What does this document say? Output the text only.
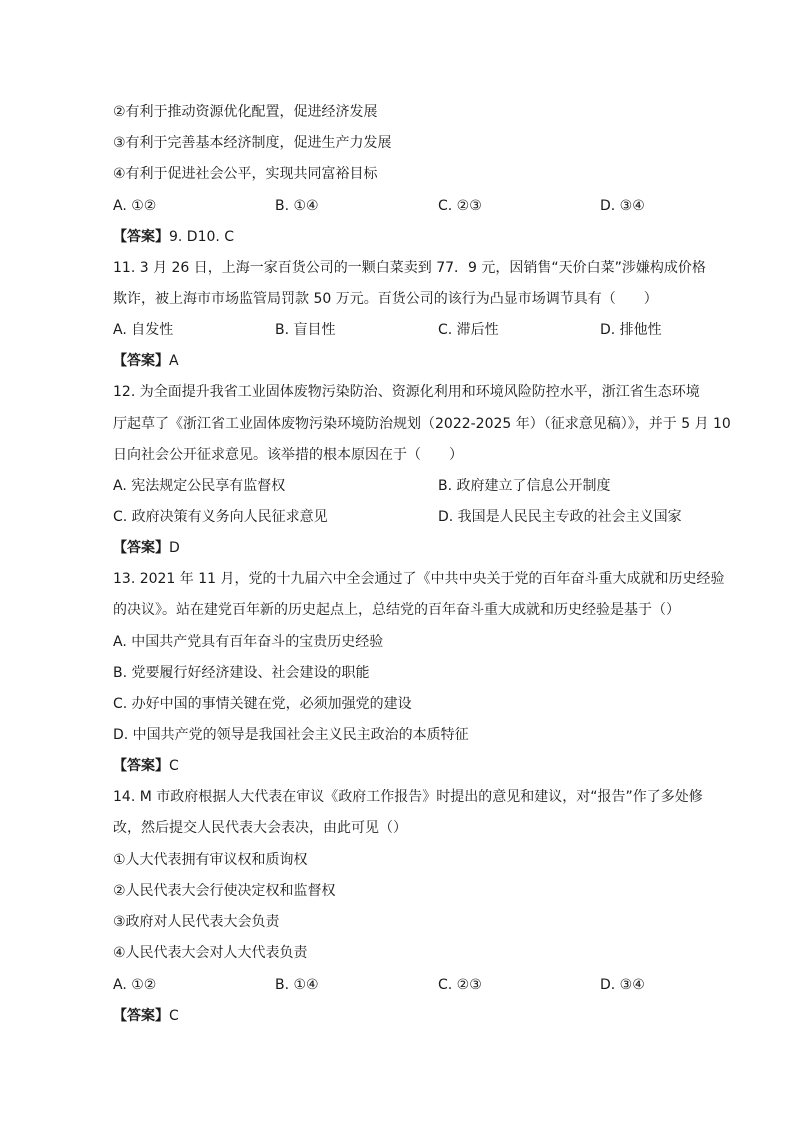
②有利于推动资源优化配置，促进经济发展
③有利于完善基本经济制度，促进生产力发展
④有利于促进社会公平，实现共同富裕目标
A. ①②	B. ①④	C. ②③	D. ③④
【答案】9. D10. C
11. 3 月 26 日，上海一家百货公司的一颗白菜卖到 77．9 元，因销售“天价白菜”涉嫌构成价格
欺诈，被上海市市场监管局罚款 50 万元。百货公司的该行为凸显市场调节具有（　　）
A. 自发性	B. 盲目性	C. 滞后性	D. 排他性
【答案】A
12. 为全面提升我省工业固体废物污染防治、资源化利用和环境风险防控水平，浙江省生态环境
厅起草了《浙江省工业固体废物污染环境防治规划（2022-2025 年）（征求意见稿）》，并于 5 月 10
日向社会公开征求意见。该举措的根本原因在于（　　）
A. 宪法规定公民享有监督权	B. 政府建立了信息公开制度
C. 政府决策有义务向人民征求意见	D. 我国是人民民主专政的社会主义国家
【答案】D
13. 2021 年 11 月，党的十九届六中全会通过了《中共中央关于党的百年奋斗重大成就和历史经验
的决议》。站在建党百年新的历史起点上，总结党的百年奋斗重大成就和历史经验是基于（）
A. 中国共产党具有百年奋斗的宝贵历史经验
B. 党要履行好经济建设、社会建设的职能
C. 办好中国的事情关键在党，必须加强党的建设
D. 中国共产党的领导是我国社会主义民主政治的本质特征
【答案】C
14. M 市政府根据人大代表在审议《政府工作报告》时提出的意见和建议，对“报告”作了多处修
改，然后提交人民代表大会表决，由此可见（）
①人大代表拥有审议权和质询权
②人民代表大会行使决定权和监督权
③政府对人民代表大会负责
④人民代表大会对人大代表负责
A. ①②	B. ①④	C. ②③	D. ③④
【答案】C
